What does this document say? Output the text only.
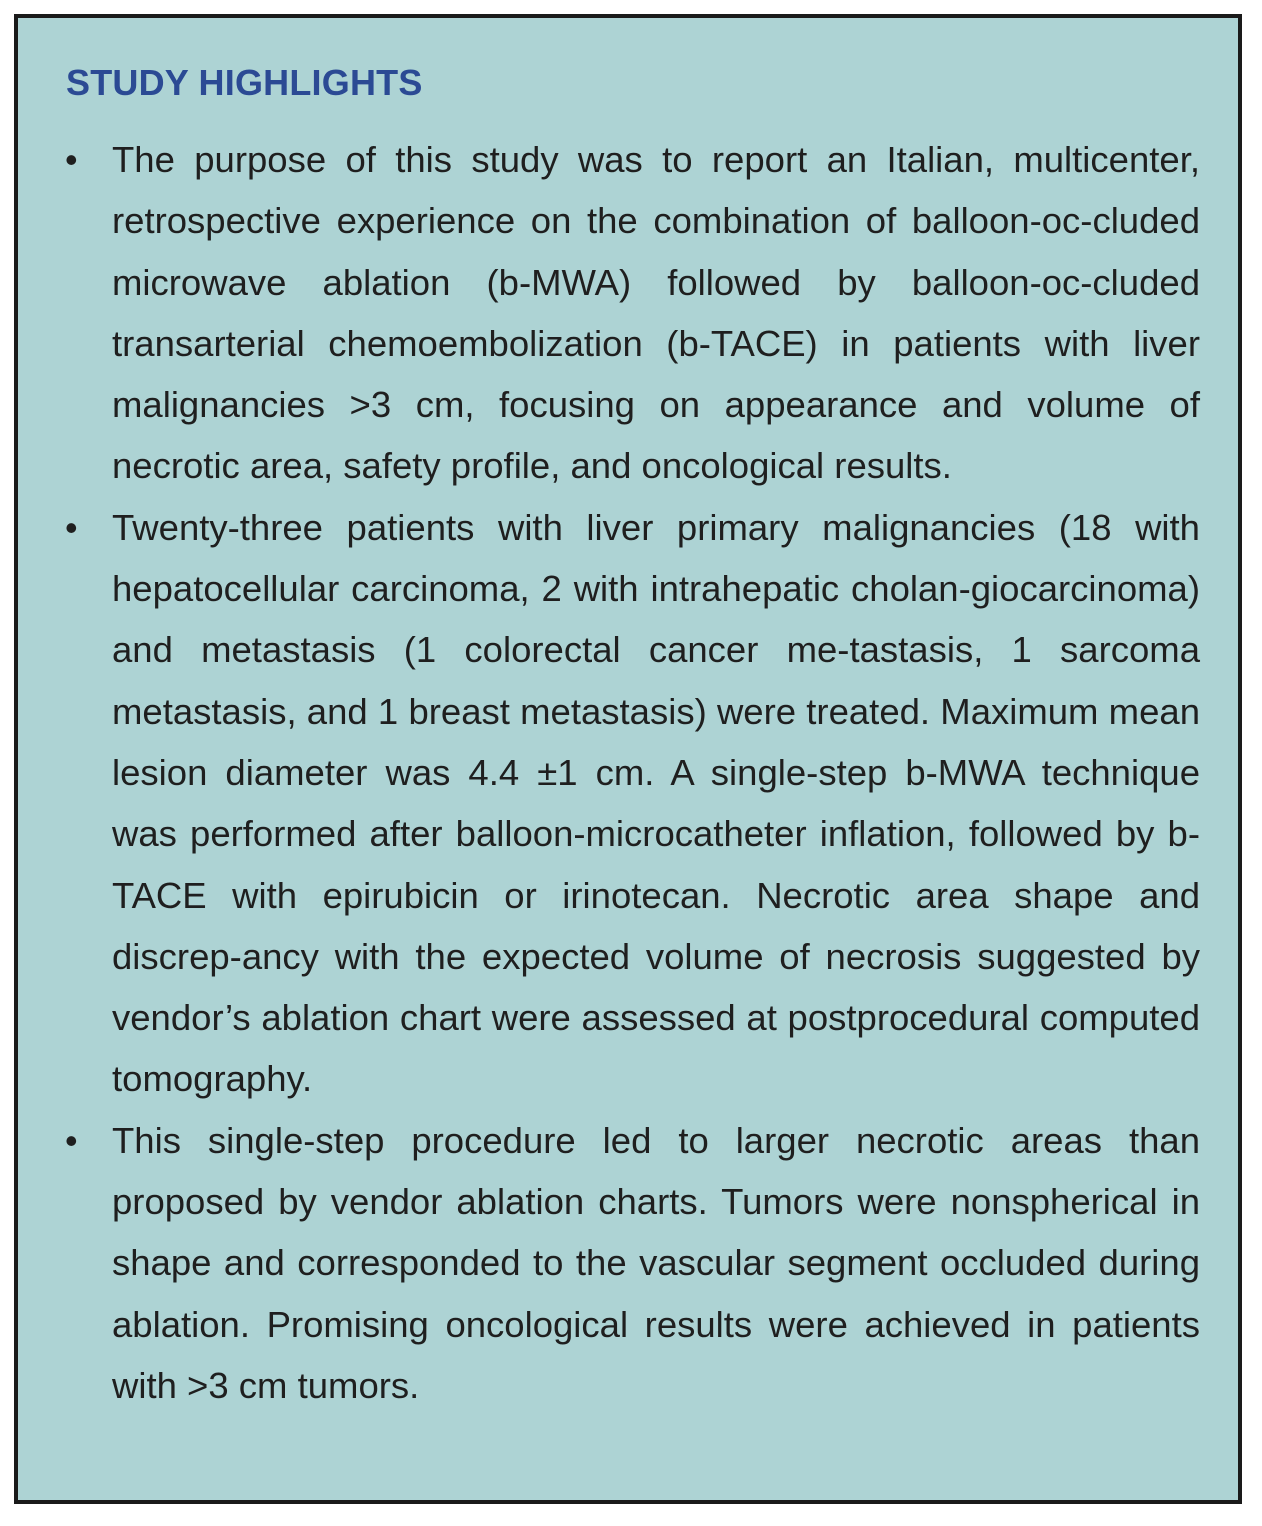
STUDY HIGHLIGHTS
• The purpose of this study was to report an Italian, multicenter, retrospective experience on the combination of balloon-oc-cluded microwave ablation (b-MWA) followed by balloon-oc-cluded transarterial chemoembolization (b-TACE) in patients with liver malignancies >3 cm, focusing on appearance and volume of necrotic area, safety profile, and oncological results.

• Twenty-three patients with liver primary malignancies (18 with hepatocellular carcinoma, 2 with intrahepatic cholan-giocarcinoma) and metastasis (1 colorectal cancer me-tastasis, 1 sarcoma metastasis, and 1 breast metastasis) were treated. Maximum mean lesion diameter was 4.4 ±1 cm. A single-step b-MWA technique was performed after balloon-microcatheter inflation, followed by b-TACE with epirubicin or irinotecan. Necrotic area shape and discrep-ancy with the expected volume of necrosis suggested by vendor’s ablation chart were assessed at postprocedural computed tomography.

• This single-step procedure led to larger necrotic areas than proposed by vendor ablation charts. Tumors were nonspherical in shape and corresponded to the vascular segment occluded during ablation. Promising oncological results were achieved in patients with >3 cm tumors.
